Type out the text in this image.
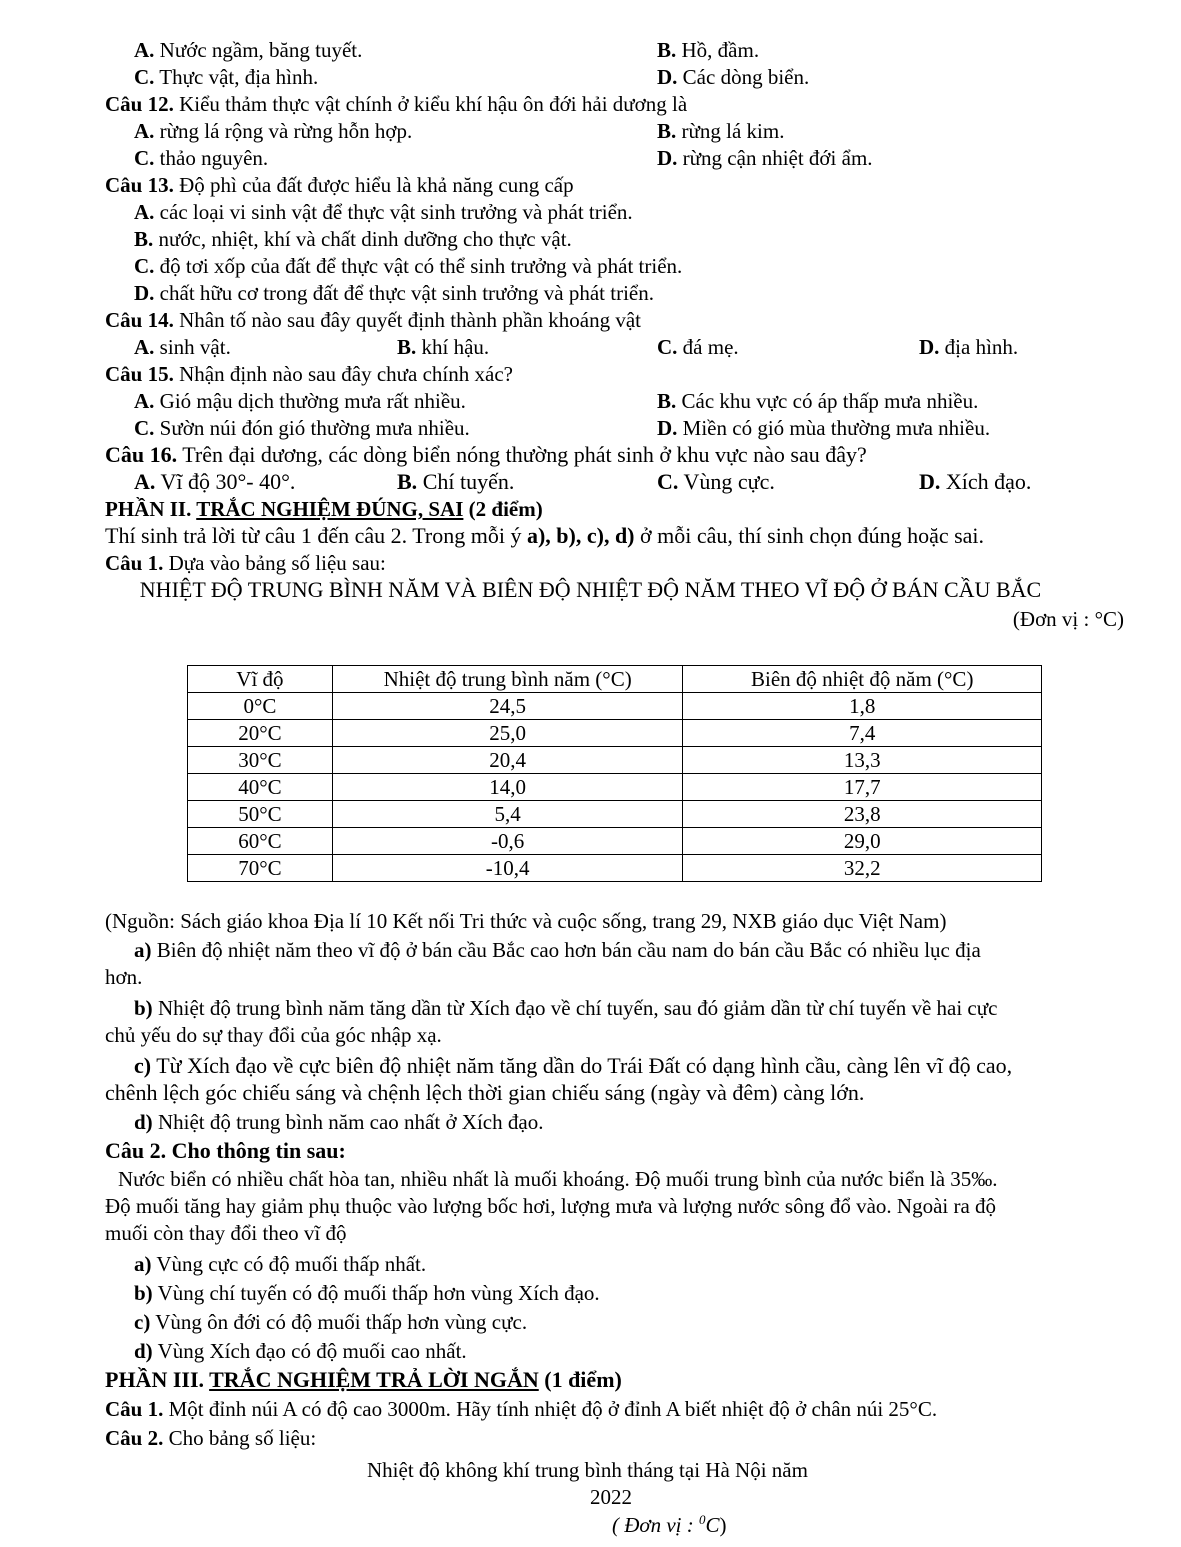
A. Nước ngầm, băng tuyết.	B. Hồ, đầm.
C. Thực vật, địa hình.	D. Các dòng biển.
Câu 12. Kiểu thảm thực vật chính ở kiểu khí hậu ôn đới hải dương là
A. rừng lá rộng và rừng hỗn hợp.	B. rừng lá kim.
C. thảo nguyên.	D. rừng cận nhiệt đới ẩm.
Câu 13. Độ phì của đất được hiểu là khả năng cung cấp
A. các loại vi sinh vật để thực vật sinh trưởng và phát triển.
B. nước, nhiệt, khí và chất dinh dưỡng cho thực vật.
C. độ tơi xốp của đất để thực vật có thể sinh trưởng và phát triển.
D. chất hữu cơ trong đất để thực vật sinh trưởng và phát triển.
Câu 14. Nhân tố nào sau đây quyết định thành phần khoáng vật
A. sinh vật.	B. khí hậu.	C. đá mẹ.	D. địa hình.
Câu 15. Nhận định nào sau đây chưa chính xác?
A. Gió mậu dịch thường mưa rất nhiều.	B. Các khu vực có áp thấp mưa nhiều.
C. Sườn núi đón gió thường mưa nhiều.	D. Miền có gió mùa thường mưa nhiều.
Câu 16. Trên đại dương, các dòng biển nóng thường phát sinh ở khu vực nào sau đây?
A. Vĩ độ 30°- 40°.	B. Chí tuyến.	C. Vùng cực.	D. Xích đạo.
PHẦN II. TRẮC NGHIỆM ĐÚNG, SAI (2 điểm)
Thí sinh trả lời từ câu 1 đến câu 2. Trong mỗi ý a), b), c), d) ở mỗi câu, thí sinh chọn đúng hoặc sai.
Câu 1. Dựa vào bảng số liệu sau:
NHIỆT ĐỘ TRUNG BÌNH NĂM VÀ BIÊN ĐỘ NHIỆT ĐỘ NĂM THEO VĨ ĐỘ Ở BÁN CẦU BẮC
(Đơn vị : °C)
Vĩ độ	Nhiệt độ trung bình năm (°C)	Biên độ nhiệt độ năm (°C)
0°C	24,5	1,8
20°C	25,0	7,4
30°C	20,4	13,3
40°C	14,0	17,7
50°C	5,4	23,8
60°C	-0,6	29,0
70°C	-10,4	32,2
(Nguồn: Sách giáo khoa Địa lí 10 Kết nối Tri thức và cuộc sống, trang 29, NXB giáo dục Việt Nam)
a) Biên độ nhiệt năm theo vĩ độ ở bán cầu Bắc cao hơn bán cầu nam do bán cầu Bắc có nhiều lục địa
hơn.
b) Nhiệt độ trung bình năm tăng dần từ Xích đạo về chí tuyến, sau đó giảm dần từ chí tuyến về hai cực
chủ yếu do sự thay đổi của góc nhập xạ.
c) Từ Xích đạo về cực biên độ nhiệt năm tăng dần do Trái Đất có dạng hình cầu, càng lên vĩ độ cao,
chênh lệch góc chiếu sáng và chệnh lệch thời gian chiếu sáng (ngày và đêm) càng lớn.
d) Nhiệt độ trung bình năm cao nhất ở Xích đạo.
Câu 2. Cho thông tin sau:
Nước biển có nhiều chất hòa tan, nhiều nhất là muối khoáng. Độ muối trung bình của nước biển là 35‰.
Độ muối tăng hay giảm phụ thuộc vào lượng bốc hơi, lượng mưa và lượng nước sông đổ vào. Ngoài ra độ
muối còn thay đổi theo vĩ độ
a) Vùng cực có độ muối thấp nhất.
b) Vùng chí tuyến có độ muối thấp hơn vùng Xích đạo.
c) Vùng ôn đới có độ muối thấp hơn vùng cực.
d) Vùng Xích đạo có độ muối cao nhất.
PHẦN III. TRẮC NGHIỆM TRẢ LỜI NGẮN (1 điểm)
Câu 1. Một đỉnh núi A có độ cao 3000m. Hãy tính nhiệt độ ở đỉnh A biết nhiệt độ ở chân núi 25°C.
Câu 2. Cho bảng số liệu:
Nhiệt độ không khí trung bình tháng tại Hà Nội năm
2022
( Đơn vị : $^0$C)
